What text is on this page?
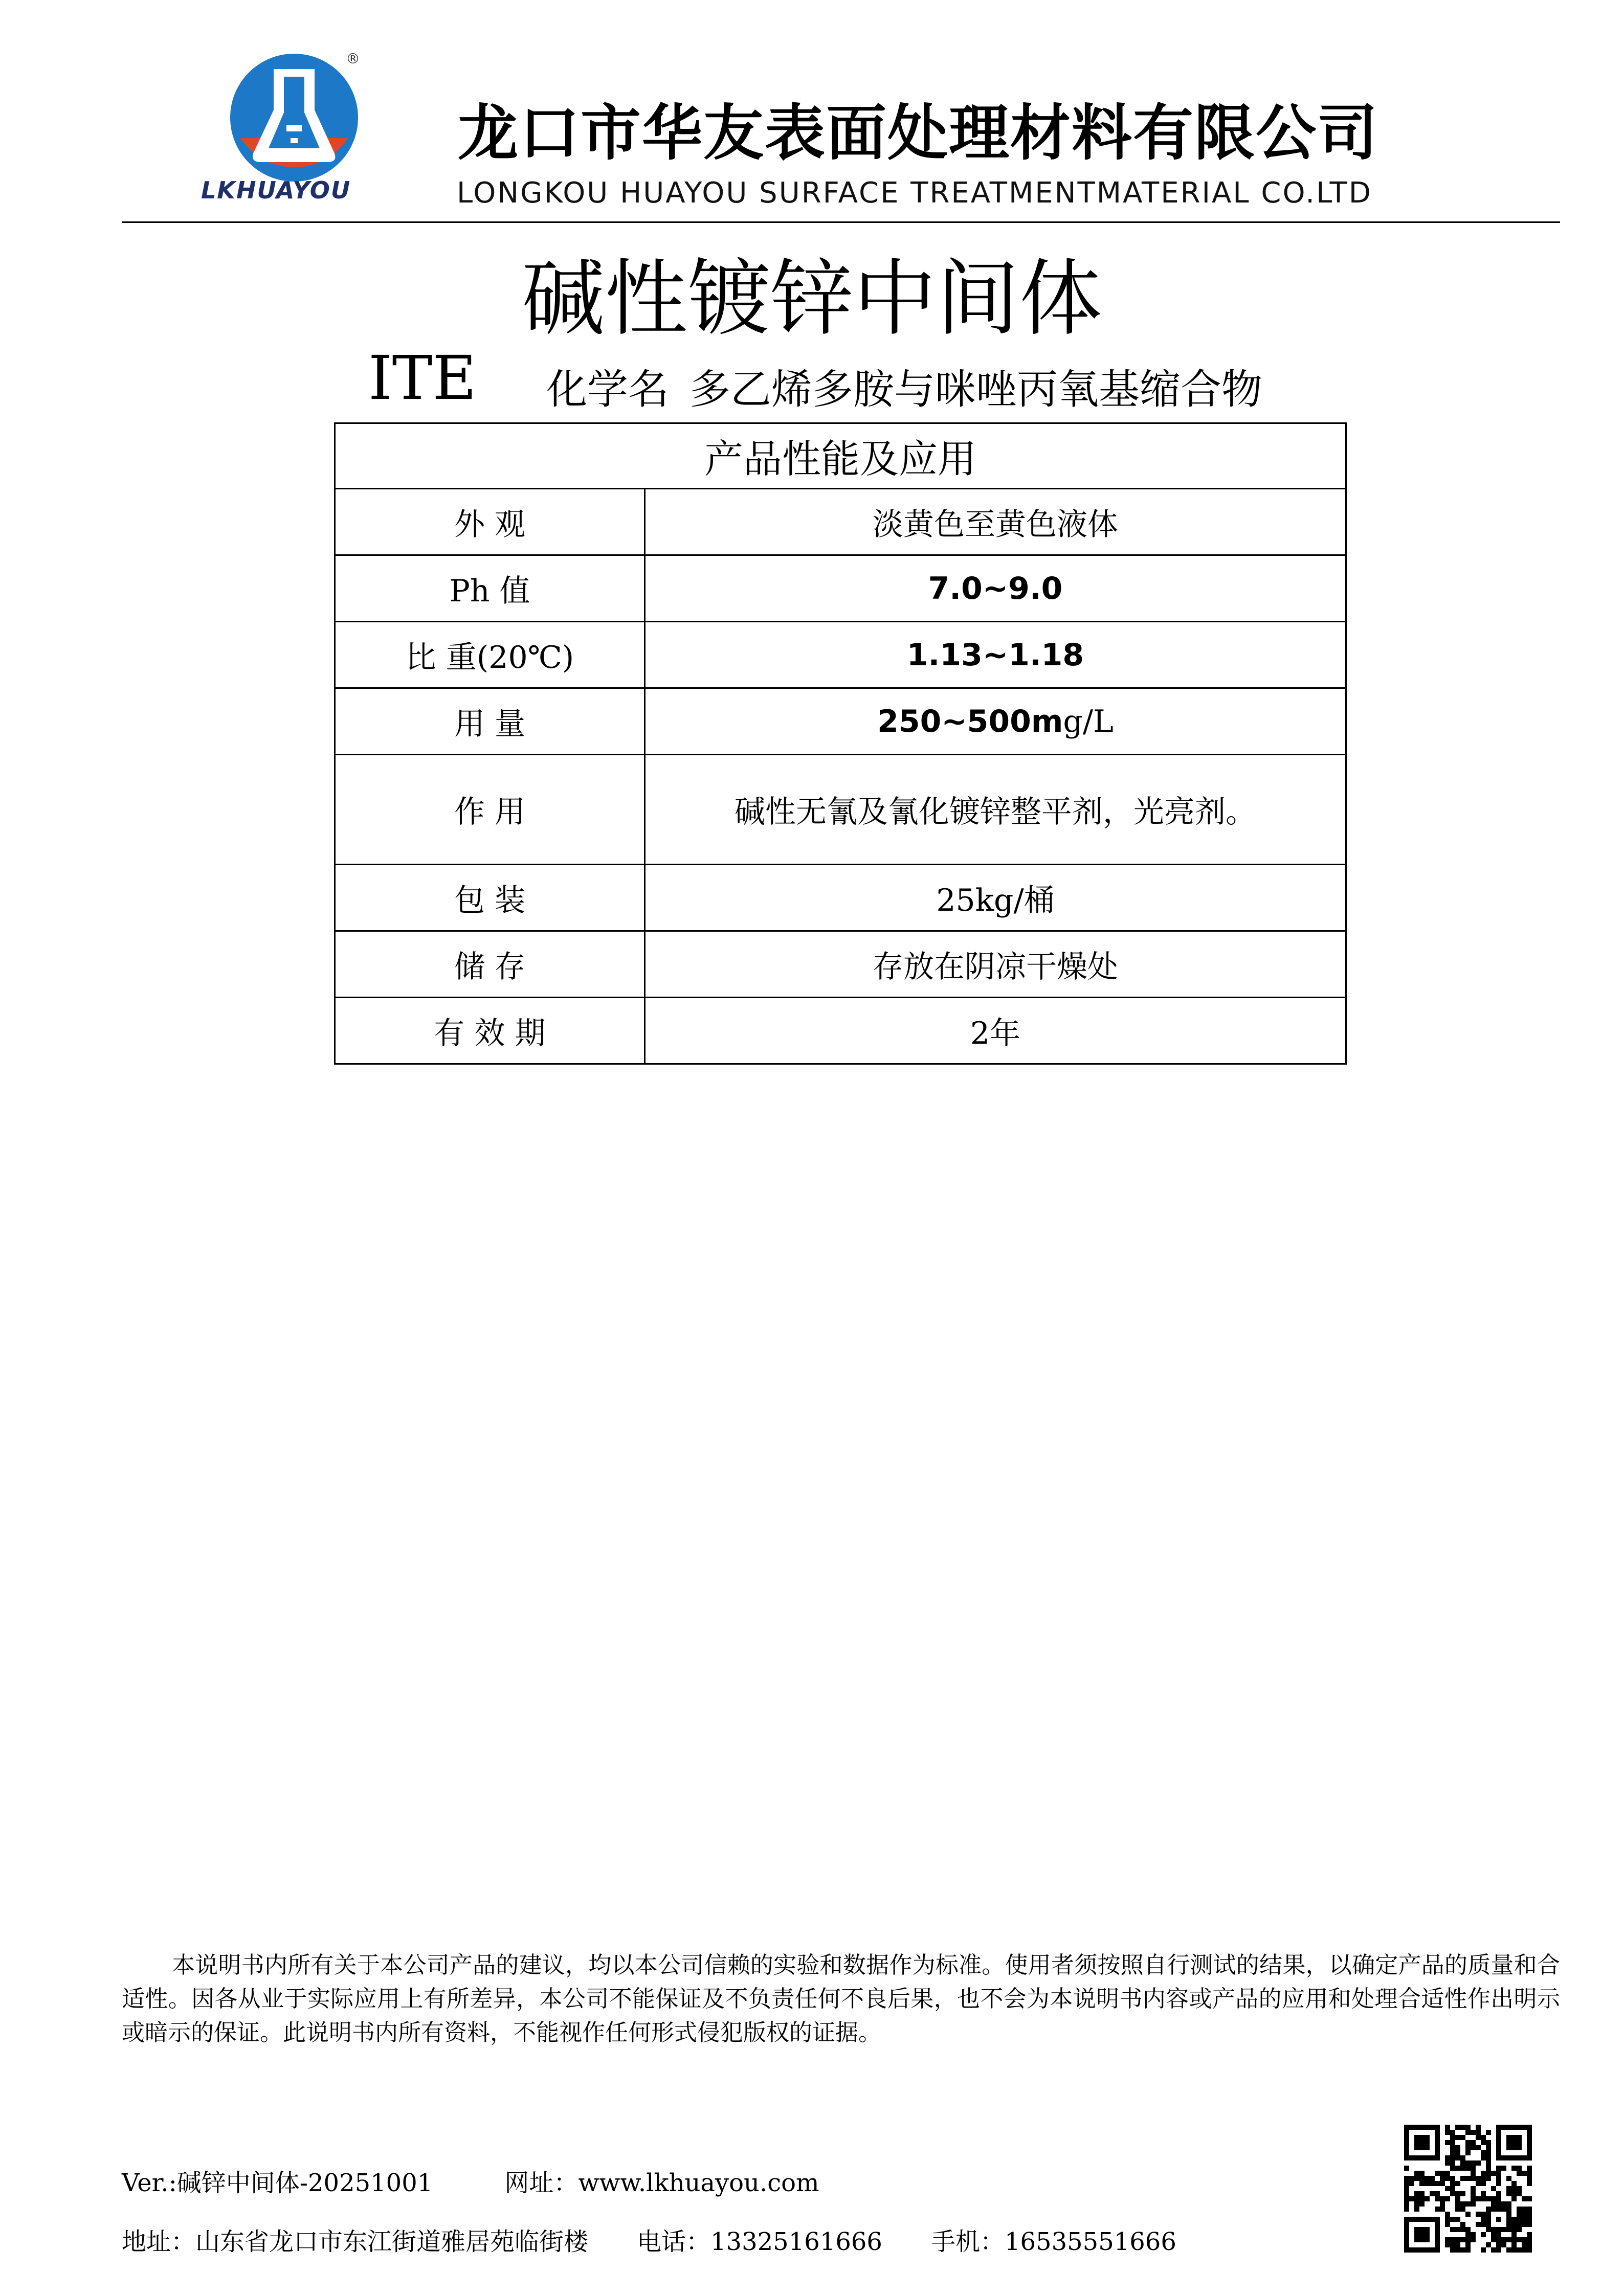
®
LKHUAYOU
龙口市华友表面处理材料有限公司
LONGKOU HUAYOU SURFACE TREATMENTMATERIAL CO.LTD
碱性镀锌中间体
ITE 化学名 多乙烯多胺与咪唑丙氧基缩合物
产品性能及应用	
外 观	淡黄色至黄色液体
Ph 值	7.0~9.0
比 重(20℃)	1.13~1.18
用 量	250~500mg/L
作 用	碱性无氰及氰化镀锌整平剂，光亮剂。
包 装	25kg/桶
储 存	存放在阴凉干燥处
有 效 期	2年
本说明书内所有关于本公司产品的建议，均以本公司信赖的实验和数据作为标准。使用者须按照自行测试的结果，以确定产品的质量和合适性。因各从业于实际应用上有所差异，本公司不能保证及不负责任何不良后果，也不会为本说明书内容或产品的应用和处理合适性作出明示或暗示的保证。此说明书内所有资料，不能视作任何形式侵犯版权的证据。
Ver.:碱锌中间体-20251001	网址：www.lkhuayou.com
地址：山东省龙口市东江街道雅居苑临街楼 电话：13325161666 手机：16535551666
